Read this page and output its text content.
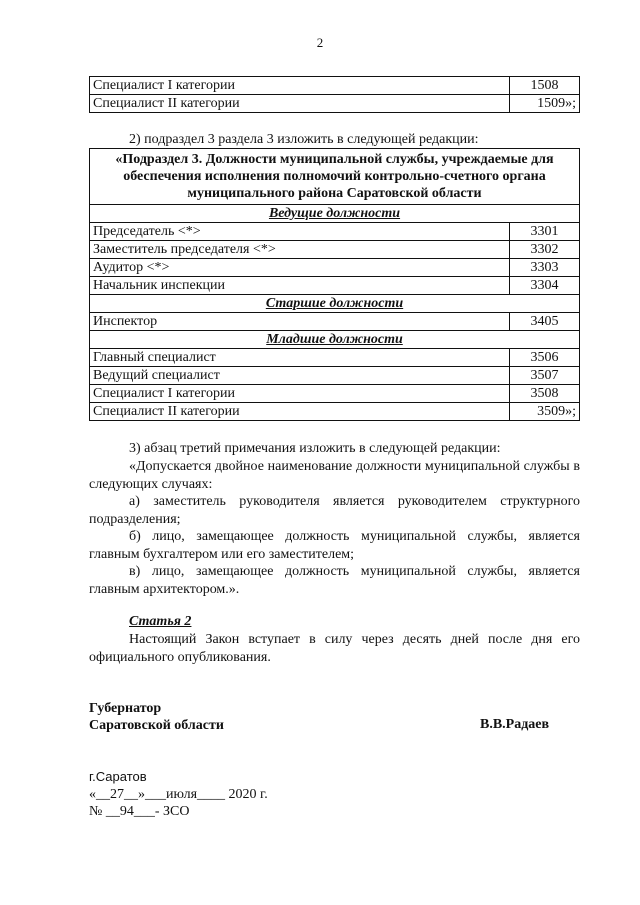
2
Специалист I категории	1508
Специалист II категории	1509»;
2) подраздел 3 раздела 3 изложить в следующей редакции:
«Подраздел 3. Должности муниципальной службы, учреждаемые для обеспечения исполнения полномочий контрольно-счетного органа муниципального района Саратовской области	
Ведущие должности	
Председатель <*>	3301
Заместитель председателя <*>	3302
Аудитор <*>	3303
Начальник инспекции	3304
Старшие должности	
Инспектор	3405
Младшие должности	
Главный специалист	3506
Ведущий специалист	3507
Специалист I категории	3508
Специалист II категории	3509»;
3) абзац третий примечания изложить в следующей редакции:
«Допускается двойное наименование должности муниципальной службы в следующих случаях:
а) заместитель руководителя является руководителем структурного подразделения;
б) лицо, замещающее должность муниципальной службы, является главным бухгалтером или его заместителем;
в) лицо, замещающее должность муниципальной службы, является главным архитектором.».
Статья 2
Настоящий Закон вступает в силу через десять дней после дня его официального опубликования.
Губернатор
Саратовской области	В.В.Радаев
г.Саратов
«__27__»___июля____ 2020 г.
№ __94___- ЗСО
